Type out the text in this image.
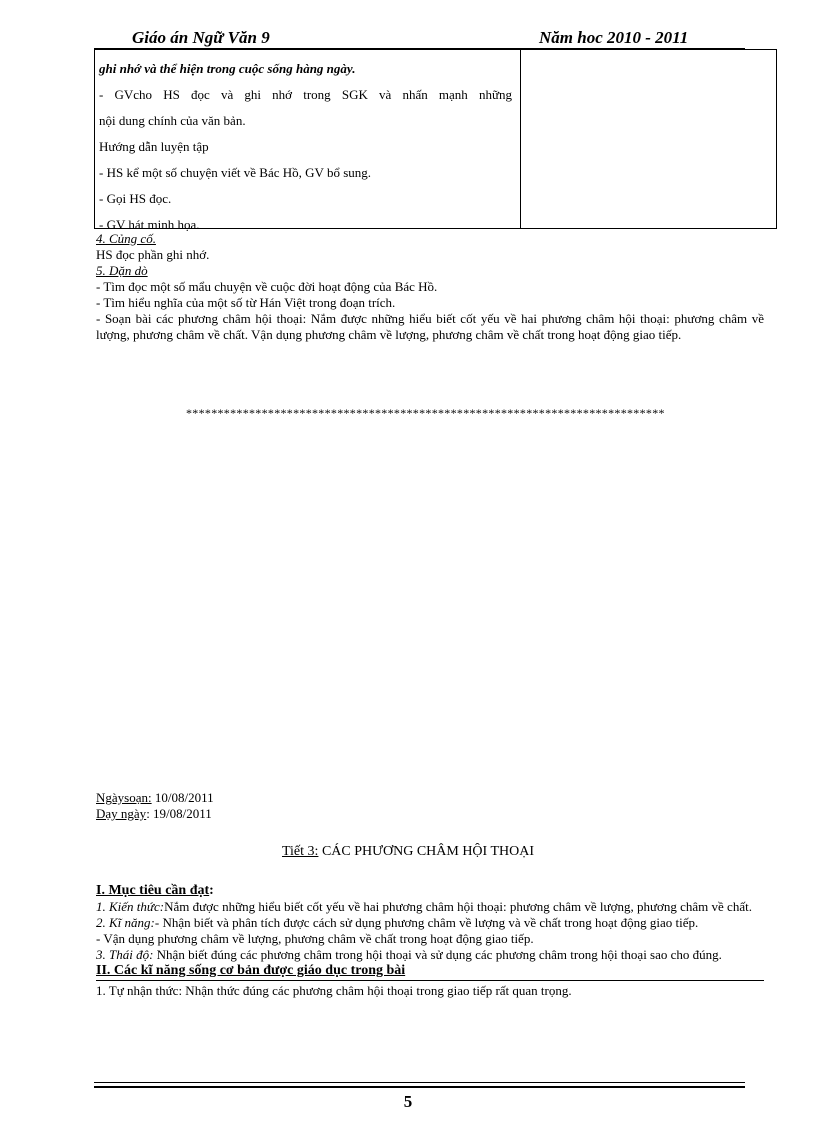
Giáo án Ngữ Văn 9	Năm hoc 2010 - 2011

ghi nhớ và thể hiện trong cuộc sống hàng ngày.

- GVcho HS đọc và ghi nhớ trong SGK và nhấn mạnh những

nội dung chính của văn bản.

Hướng dẫn luyện tập

- HS kể một số chuyện viết về Bác Hồ, GV bổ sung.

- Gọi HS đọc.

- GV hát minh họa.

4. Củng cố.

HS đọc phần ghi nhớ.

5. Dặn dò

- Tìm đọc một số mẩu chuyện về cuộc đời hoạt động của Bác Hồ.

- Tìm hiểu nghĩa của một số từ Hán Việt trong đoạn trích.

- Soạn bài các phương châm hội thoại: Nắm được những hiểu biết cốt yếu về hai phương châm hội thoại: phương châm về lượng, phương châm về chất. Vận dụng phương châm về lượng, phương châm về chất trong hoạt động giao tiếp.

****************************************************************************

Ngàysoạn: 10/08/2011

Dạy ngày: 19/08/2011

Tiết 3: CÁC PHƯƠNG CHÂM HỘI THOẠI

I. Mục tiêu cần đạt:

1. Kiến thức:Nắm được những hiểu biết cốt yếu về hai phương châm hội thoại: phương châm về lượng, phương châm về chất.

2. Kĩ năng:- Nhận biết và phân tích được cách sử dụng phương châm về lượng và về chất trong hoạt động giao tiếp.

- Vận dụng phương châm về lượng, phương châm về chất trong hoạt động giao tiếp.

3. Thái độ: Nhận biết đúng các phương châm trong hội thoại và sử dụng các phương châm trong hội thoại sao cho đúng.

II. Các kĩ năng sống cơ bản được giáo dục trong bài

1. Tự nhận thức: Nhận thức đúng các phương châm hội thoại trong giao tiếp rất quan trọng.

5
